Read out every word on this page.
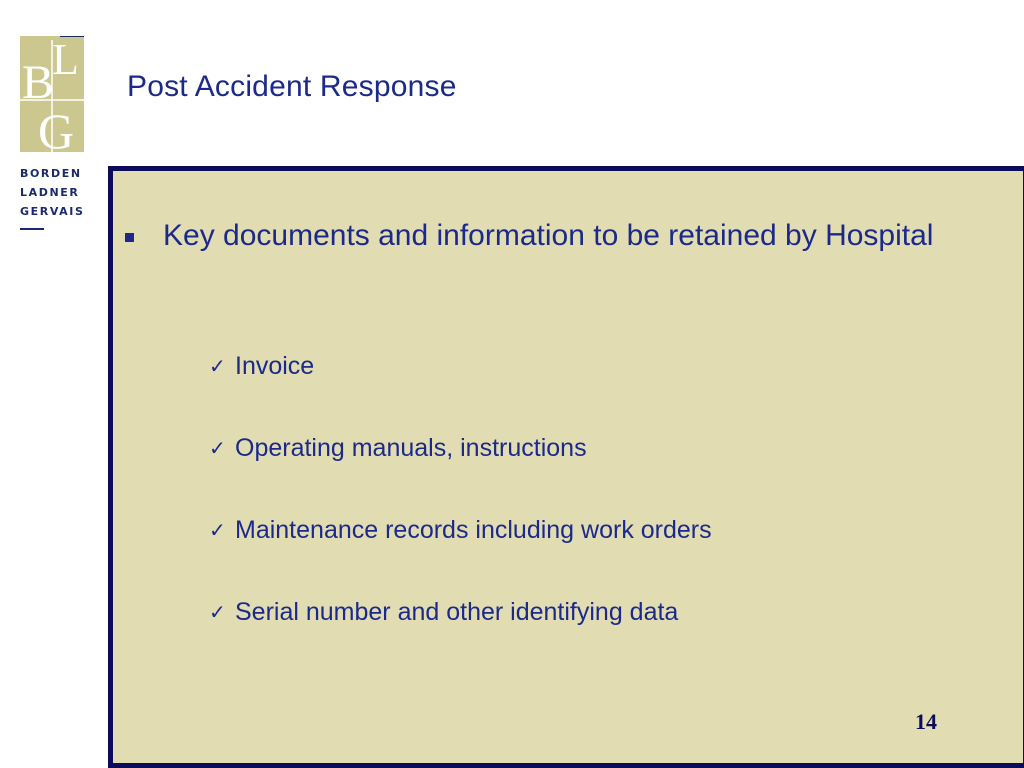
B
L
G
BORDEN
LADNER
GERVAIS
Post Accident Response
Key documents and information to be retained by Hospital
✓ Invoice
✓ Operating manuals, instructions
✓ Maintenance records including work orders
✓ Serial number and other identifying data
14
